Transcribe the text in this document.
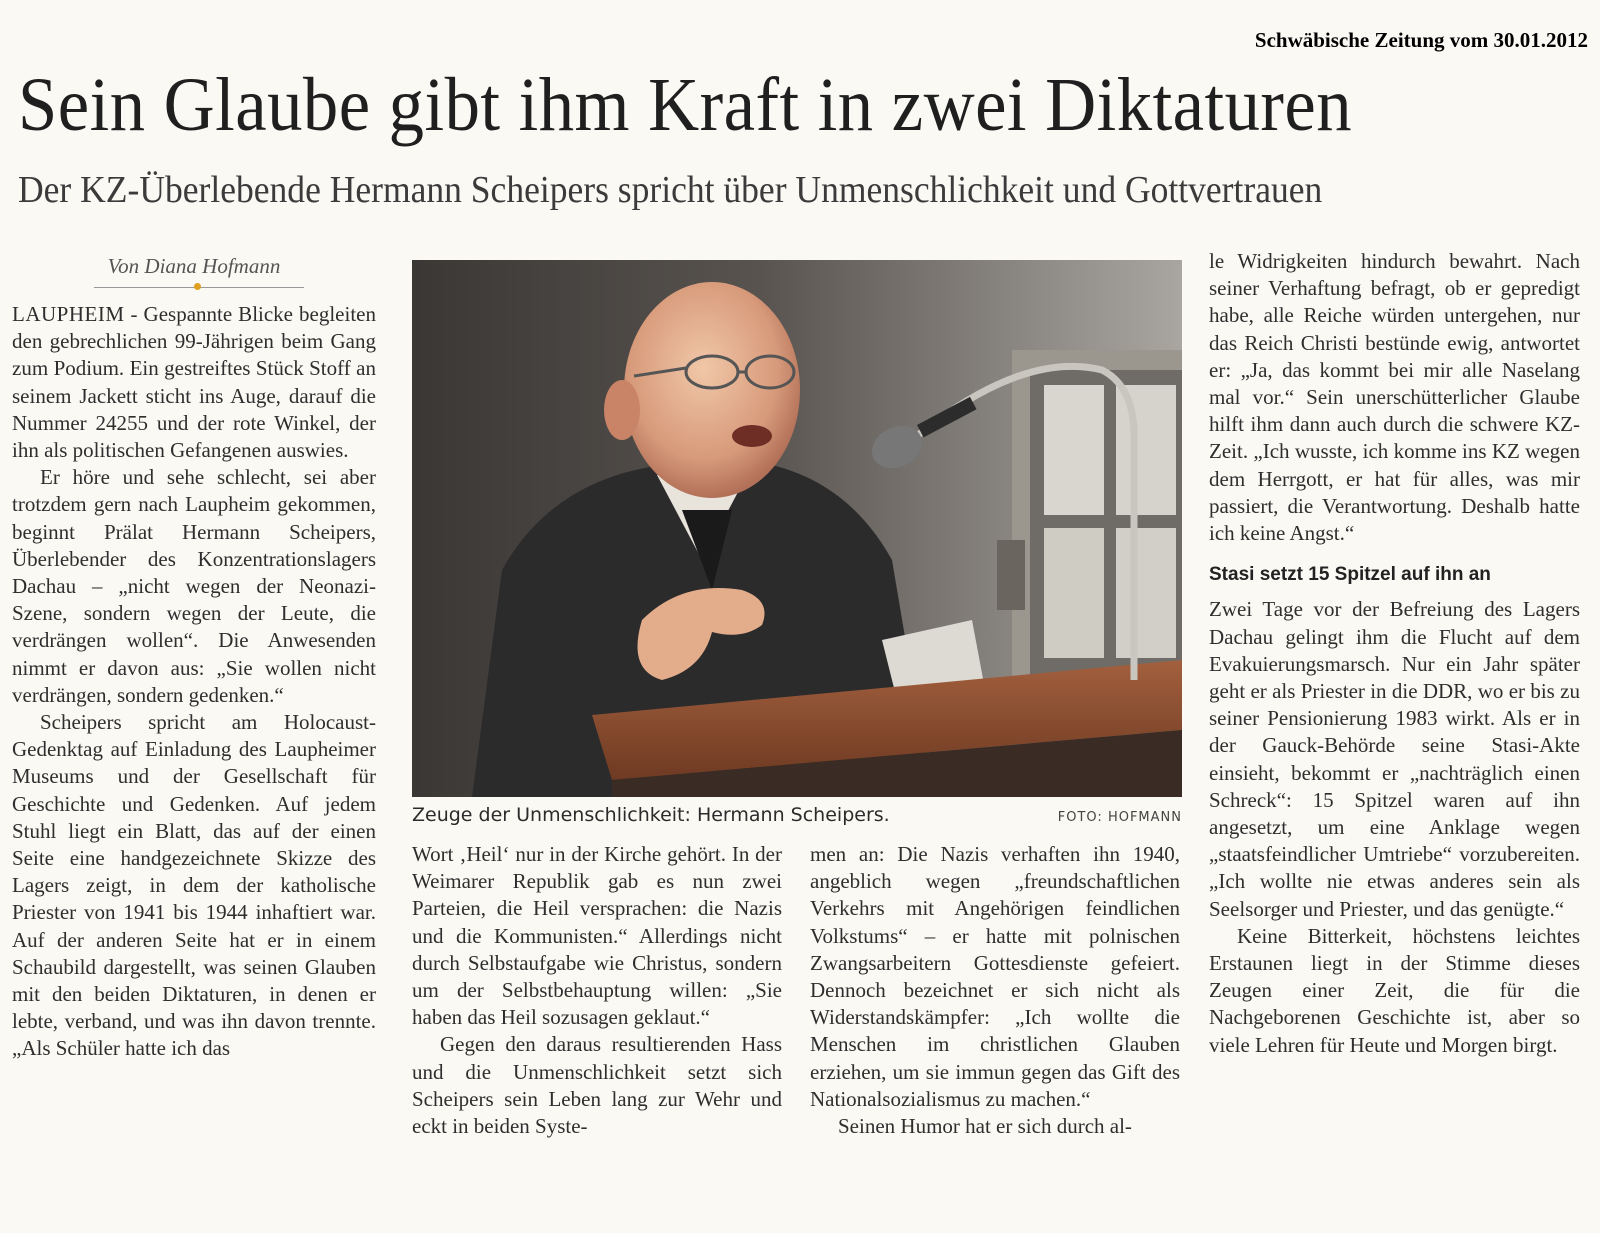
Schwäbische Zeitung vom 30.01.2012
Sein Glaube gibt ihm Kraft in zwei Diktaturen
Der KZ-Überlebende Hermann Scheipers spricht über Unmenschlichkeit und Gottvertrauen
Von Diana Hofmann

LAUPHEIM - Gespannte Blicke begleiten den gebrechlichen 99-Jährigen beim Gang zum Podium. Ein gestreiftes Stück Stoff an seinem Jackett sticht ins Auge, darauf die Nummer 24255 und der rote Winkel, der ihn als politischen Gefangenen auswies.

Er höre und sehe schlecht, sei aber trotzdem gern nach Laupheim gekommen, beginnt Prälat Hermann Scheipers, Überlebender des Konzentrationslagers Dachau – „nicht wegen der Neonazi-Szene, sondern wegen der Leute, die verdrängen wollen“. Die Anwesenden nimmt er davon aus: „Sie wollen nicht verdrängen, sondern gedenken.“

Scheipers spricht am Holocaust-Gedenktag auf Einladung des Laupheimer Museums und der Gesellschaft für Geschichte und Gedenken. Auf jedem Stuhl liegt ein Blatt, das auf der einen Seite eine handgezeichnete Skizze des Lagers zeigt, in dem der katholische Priester von 1941 bis 1944 inhaftiert war. Auf der anderen Seite hat er in einem Schaubild dargestellt, was seinen Glauben mit den beiden Diktaturen, in denen er lebte, verband, und was ihn davon trennte. „Als Schüler hatte ich das

Zeuge der Unmenschlichkeit: Hermann Scheipers.	FOTO: HOFMANN

Wort ‚Heil‘ nur in der Kirche gehört. In der Weimarer Republik gab es nun zwei Parteien, die Heil versprachen: die Nazis und die Kommunisten.“ Allerdings nicht durch Selbstaufgabe wie Christus, sondern um der Selbstbehauptung willen: „Sie haben das Heil sozusagen geklaut.“

Gegen den daraus resultierenden Hass und die Unmenschlichkeit setzt sich Scheipers sein Leben lang zur Wehr und eckt in beiden Syste-

men an: Die Nazis verhaften ihn 1940, angeblich wegen „freundschaftlichen Verkehrs mit Angehörigen feindlichen Volkstums“ – er hatte mit polnischen Zwangsarbeitern Gottesdienste gefeiert. Dennoch bezeichnet er sich nicht als Widerstandskämpfer: „Ich wollte die Menschen im christlichen Glauben erziehen, um sie immun gegen das Gift des Nationalsozialismus zu machen.“

Seinen Humor hat er sich durch al-

le Widrigkeiten hindurch bewahrt. Nach seiner Verhaftung befragt, ob er gepredigt habe, alle Reiche würden untergehen, nur das Reich Christi bestünde ewig, antwortet er: „Ja, das kommt bei mir alle Naselang mal vor.“ Sein unerschütterlicher Glaube hilft ihm dann auch durch die schwere KZ-Zeit. „Ich wusste, ich komme ins KZ wegen dem Herrgott, er hat für alles, was mir passiert, die Verantwortung. Deshalb hatte ich keine Angst.“

Stasi setzt 15 Spitzel auf ihn an

Zwei Tage vor der Befreiung des Lagers Dachau gelingt ihm die Flucht auf dem Evakuierungsmarsch. Nur ein Jahr später geht er als Priester in die DDR, wo er bis zu seiner Pensionierung 1983 wirkt. Als er in der Gauck-Behörde seine Stasi-Akte einsieht, bekommt er „nachträglich einen Schreck“: 15 Spitzel waren auf ihn angesetzt, um eine Anklage wegen „staatsfeindlicher Umtriebe“ vorzubereiten. „Ich wollte nie etwas anderes sein als Seelsorger und Priester, und das genügte.“

Keine Bitterkeit, höchstens leichtes Erstaunen liegt in der Stimme dieses Zeugen einer Zeit, die für die Nachgeborenen Geschichte ist, aber so viele Lehren für Heute und Morgen birgt.
